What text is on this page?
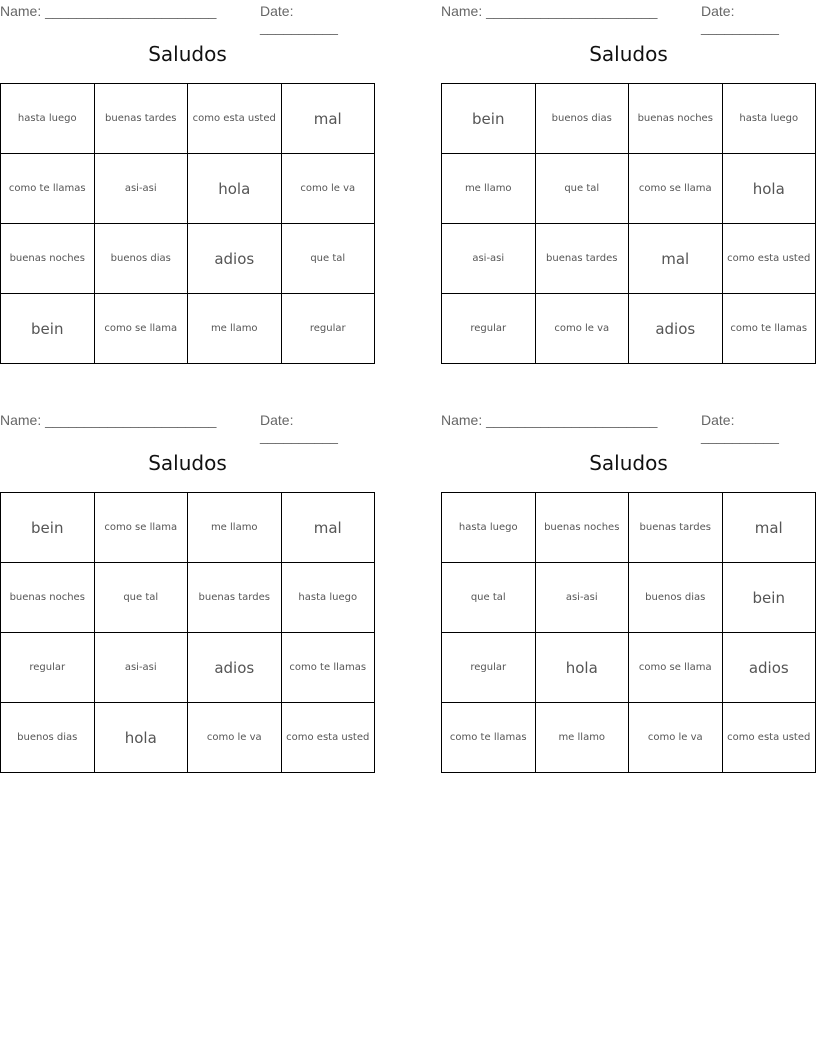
Name: ______________________	Date: __________
Saludos
hasta luego	buenas tardes	como esta usted	mal
como te llamas	asi-asi	hola	como le va
buenas noches	buenos dias	adios	que tal
bein	como se llama	me llamo	regular
Name: ______________________	Date: __________
Saludos
bein	buenos dias	buenas noches	hasta luego
me llamo	que tal	como se llama	hola
asi-asi	buenas tardes	mal	como esta usted
regular	como le va	adios	como te llamas
Name: ______________________	Date: __________
Saludos
bein	como se llama	me llamo	mal
buenas noches	que tal	buenas tardes	hasta luego
regular	asi-asi	adios	como te llamas
buenos dias	hola	como le va	como esta usted
Name: ______________________	Date: __________
Saludos
hasta luego	buenas noches	buenas tardes	mal
que tal	asi-asi	buenos dias	bein
regular	hola	como se llama	adios
como te llamas	me llamo	como le va	como esta usted
